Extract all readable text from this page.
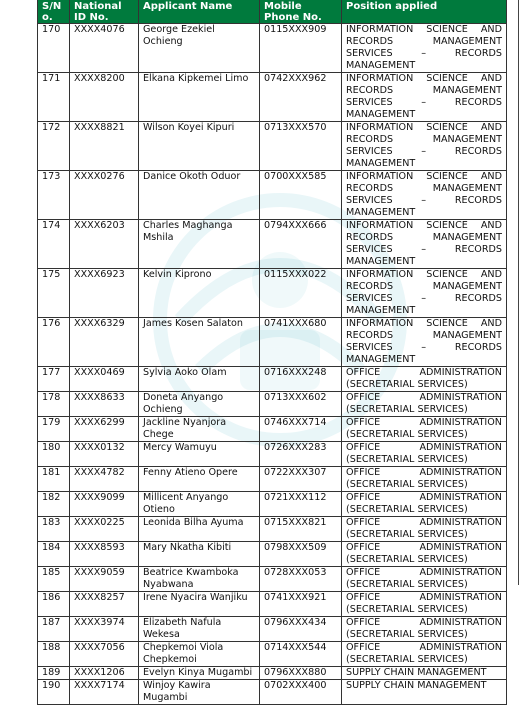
S/N o.	National ID No.	Applicant Name	Mobile Phone No.	Position applied
170	XXXX4076	George Ezekiel Ochieng	0115XXX909	INFORMATION SCIENCE AND RECORDS MANAGEMENT SERVICES – RECORDS MANAGEMENT
171	XXXX8200	Elkana Kipkemei Limo	0742XXX962	INFORMATION SCIENCE AND RECORDS MANAGEMENT SERVICES – RECORDS MANAGEMENT
172	XXXX8821	Wilson Koyei Kipuri	0713XXX570	INFORMATION SCIENCE AND RECORDS MANAGEMENT SERVICES – RECORDS MANAGEMENT
173	XXXX0276	Danice Okoth Oduor	0700XXX585	INFORMATION SCIENCE AND RECORDS MANAGEMENT SERVICES – RECORDS MANAGEMENT
174	XXXX6203	Charles Maghanga Mshila	0794XXX666	INFORMATION SCIENCE AND RECORDS MANAGEMENT SERVICES – RECORDS MANAGEMENT
175	XXXX6923	Kelvin Kiprono	0115XXX022	INFORMATION SCIENCE AND RECORDS MANAGEMENT SERVICES – RECORDS MANAGEMENT
176	XXXX6329	James Kosen Salaton	0741XXX680	INFORMATION SCIENCE AND RECORDS MANAGEMENT SERVICES – RECORDS MANAGEMENT
177	XXXX0469	Sylvia Aoko Olam	0716XXX248	OFFICE ADMINISTRATION (SECRETARIAL SERVICES)
178	XXXX8633	Doneta Anyango Ochieng	0713XXX602	OFFICE ADMINISTRATION (SECRETARIAL SERVICES)
179	XXXX6299	Jackline Nyanjora Chege	0746XXX714	OFFICE ADMINISTRATION (SECRETARIAL SERVICES)
180	XXXX0132	Mercy Wamuyu	0726XXX283	OFFICE ADMINISTRATION (SECRETARIAL SERVICES)
181	XXXX4782	Fenny Atieno Opere	0722XXX307	OFFICE ADMINISTRATION (SECRETARIAL SERVICES)
182	XXXX9099	Millicent Anyango Otieno	0721XXX112	OFFICE ADMINISTRATION (SECRETARIAL SERVICES)
183	XXXX0225	Leonida Bilha Ayuma	0715XXX821	OFFICE ADMINISTRATION (SECRETARIAL SERVICES)
184	XXXX8593	Mary Nkatha Kibiti	0798XXX509	OFFICE ADMINISTRATION (SECRETARIAL SERVICES)
185	XXXX9059	Beatrice Kwamboka Nyabwana	0728XXX053	OFFICE ADMINISTRATION (SECRETARIAL SERVICES)
186	XXXX8257	Irene Nyacira Wanjiku	0741XXX921	OFFICE ADMINISTRATION (SECRETARIAL SERVICES)
187	XXXX3974	Elizabeth Nafula Wekesa	0796XXX434	OFFICE ADMINISTRATION (SECRETARIAL SERVICES)
188	XXXX7056	Chepkemoi Viola Chepkemoi	0714XXX544	OFFICE ADMINISTRATION (SECRETARIAL SERVICES)
189	XXXX1206	Evelyn Kinya Mugambi	0796XXX880	SUPPLY CHAIN MANAGEMENT
190	XXXX7174	Winjoy Kawira Mugambi	0702XXX400	SUPPLY CHAIN MANAGEMENT
